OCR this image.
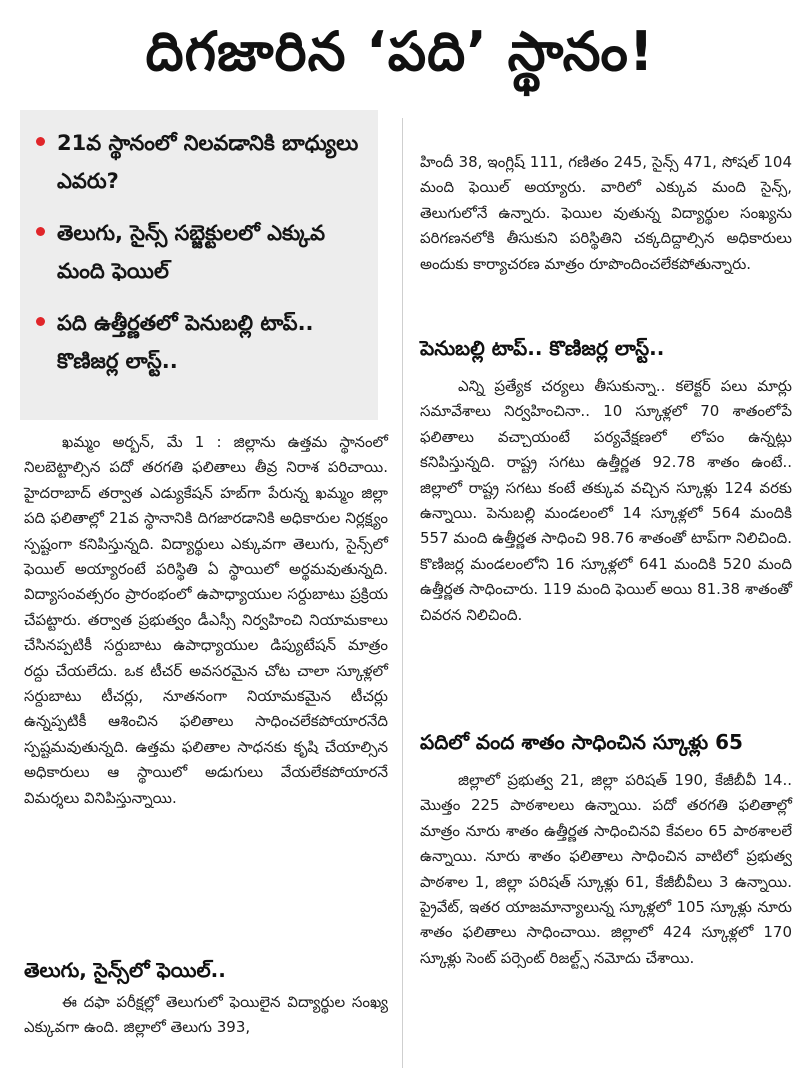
దిగజారిన ‘పది’ స్థానం!
21వ స్థానంలో నిలవడానికి బాధ్యులు ఎవరు?
తెలుగు, సైన్స్ సబ్జెక్టులలో ఎక్కువ మంది ఫెయిల్
పది ఉత్తీర్ణతలో పెనుబల్లి టాప్.. కొణిజర్ల లాస్ట్..

ఖమ్మం అర్బన్, మే 1 : జిల్లాను ఉత్తమ స్థానంలో నిలబెట్టాల్సిన పదో తరగతి ఫలితాలు తీవ్ర నిరాశ పరిచాయి. హైదరాబాద్ తర్వాత ఎడ్యుకేషన్ హబ్‌గా పేరున్న ఖమ్మం జిల్లా పది ఫలితాల్లో 21వ స్థానానికి దిగజారడానికి అధికారుల నిర్లక్ష్యం స్పష్టంగా కనిపిస్తున్నది. విద్యార్థులు ఎక్కువగా తెలుగు, సైన్స్‌లో ఫెయిల్ అయ్యారంటే పరిస్థితి ఏ స్థాయిలో అర్థమవుతున్నది. విద్యాసంవత్సరం ప్రారంభంలో ఉపాధ్యాయుల సర్దుబాటు ప్రక్రియ చేపట్టారు. తర్వాత ప్రభుత్వం డీఎస్సీ నిర్వహించి నియామకాలు చేసినప్పటికీ సర్దుబాటు ఉపాధ్యాయుల డిప్యుటేషన్ మాత్రం రద్దు చేయలేదు. ఒక టీచర్ అవసరమైన చోట చాలా స్కూళ్లలో సర్దుబాటు టీచర్లు, నూతనంగా నియామకమైన టీచర్లు ఉన్నప్పటికీ ఆశించిన ఫలితాలు సాధించలేకపోయారనేది స్పష్టమవుతున్నది. ఉత్తమ ఫలితాల సాధనకు కృషి చేయాల్సిన అధికారులు ఆ స్థాయిలో అడుగులు వేయలేకపోయారనే విమర్శలు వినిపిస్తున్నాయి.

తెలుగు, సైన్స్‌లో ఫెయిల్..

ఈ దఫా పరీక్షల్లో తెలుగులో ఫెయిలైన విద్యార్థుల సంఖ్య ఎక్కువగా ఉంది. జిల్లాలో తెలుగు 393,

హిందీ 38, ఇంగ్లిష్ 111, గణితం 245, సైన్స్ 471, సోషల్ 104 మంది ఫెయిల్ అయ్యారు. వారిలో ఎక్కువ మంది సైన్స్, తెలుగులోనే ఉన్నారు. ఫెయిల వుతున్న విద్యార్థుల సంఖ్యను పరిగణనలోకి తీసుకుని పరిస్థితిని చక్కదిద్దాల్సిన అధికారులు అందుకు కార్యాచరణ మాత్రం రూపొందించలేకపోతున్నారు.

పెనుబల్లి టాప్.. కొణిజర్ల లాస్ట్..

ఎన్ని ప్రత్యేక చర్యలు తీసుకున్నా.. కలెక్టర్ పలు మార్లు సమావేశాలు నిర్వహించినా.. 10 స్కూళ్లలో 70 శాతంలోపే ఫలితాలు వచ్చాయంటే పర్యవేక్షణలో లోపం ఉన్నట్లు కనిపిస్తున్నది. రాష్ట్ర సగటు ఉత్తీర్ణత 92.78 శాతం ఉంటే.. జిల్లాలో రాష్ట్ర సగటు కంటే తక్కువ వచ్చిన స్కూళ్లు 124 వరకు ఉన్నాయి. పెనుబల్లి మండలంలో 14 స్కూళ్లలో 564 మందికి 557 మంది ఉత్తీర్ణత సాధించి 98.76 శాతంతో టాప్‌గా నిలిచింది. కొణిజర్ల మండలంలోని 16 స్కూళ్లలో 641 మందికి 520 మంది ఉత్తీర్ణత సాధించారు. 119 మంది ఫెయిల్ అయి 81.38 శాతంతో చివరన నిలిచింది.

పదిలో వంద శాతం సాధించిన స్కూళ్లు 65

జిల్లాలో ప్రభుత్వ 21, జిల్లా పరిషత్ 190, కేజీబీవీ 14.. మొత్తం 225 పాఠశాలలు ఉన్నాయి. పదో తరగతి ఫలితాల్లో మాత్రం నూరు శాతం ఉత్తీర్ణత సాధించినవి కేవలం 65 పాఠశాలలే ఉన్నాయి. నూరు శాతం ఫలితాలు సాధించిన వాటిలో ప్రభుత్వ పాఠశాల 1, జిల్లా పరిషత్ స్కూళ్లు 61, కేజీబీవీలు 3 ఉన్నాయి. ప్రైవేట్, ఇతర యాజమాన్యాలున్న స్కూళ్లలో 105 స్కూళ్లు నూరు శాతం ఫలితాలు సాధించాయి. జిల్లాలో 424 స్కూళ్లలో 170 స్కూళ్లు సెంట్ పర్సెంట్ రిజల్ట్స్ నమోదు చేశాయి.
